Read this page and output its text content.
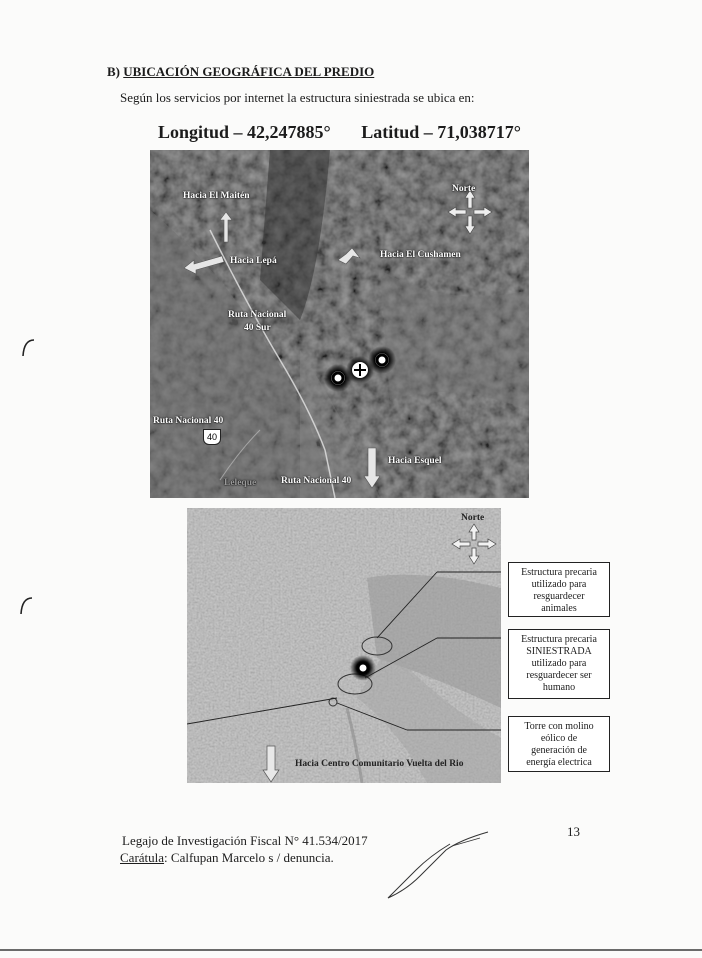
B) UBICACIÓN GEOGRÁFICA DEL PREDIO
Según los servicios por internet la estructura siniestrada se ubica en:
Longitud – 42,247885° Latitud – 71,038717°
Hacia El Maitén
Hacia Lepá
Hacia El Cushamen
Norte
Ruta Nacional
40 Sur
Ruta Nacional 40
40
Hacia Esquel
Leleque	Ruta Nacional 40
Norte
Hacia Centro Comunitario Vuelta del Rio
Estructura precaria
utilizado para
resguardecer
animales
Estructura precaria
SINIESTRADA
utilizado para
resguardecer ser
humano
Torre con molino
eólico de
generación de
energía electrica
Legajo de Investigación Fiscal N° 41.534/2017
Carátula: Calfupan Marcelo s / denuncia.
13
